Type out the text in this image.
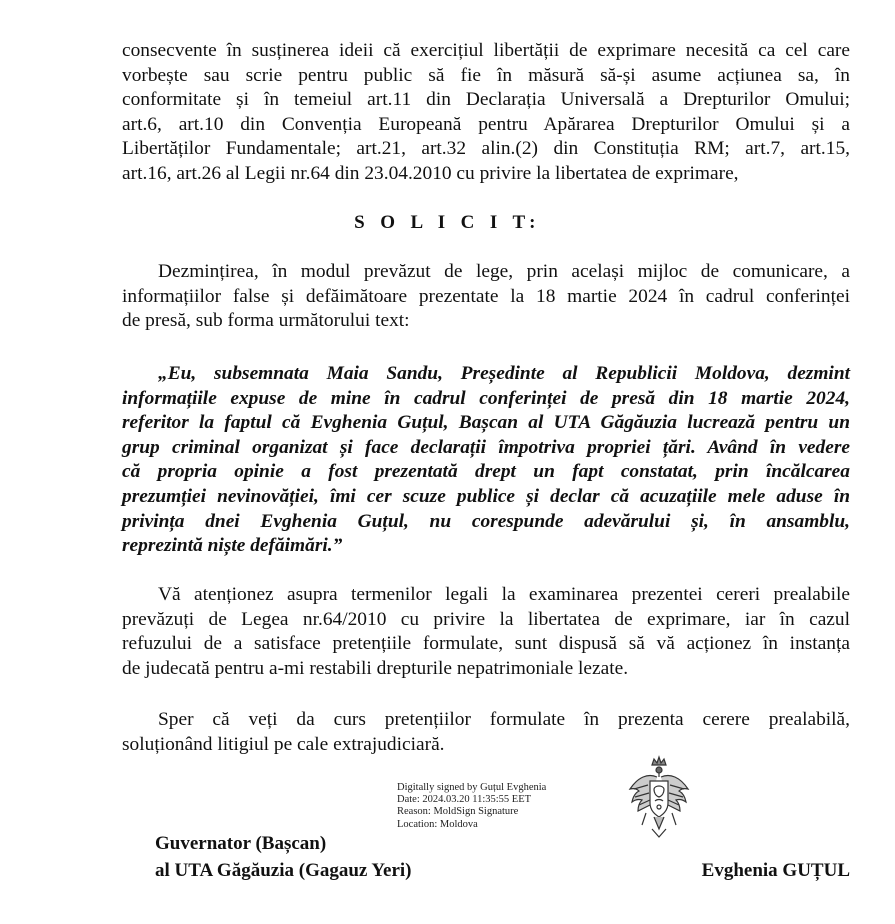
consecvente în susținerea ideii că exercițiul libertății de exprimare necesită ca cel care
vorbește sau scrie pentru public să fie în măsură să-și asume acțiunea sa, în
conformitate și în temeiul art.11 din Declarația Universală a Drepturilor Omului;
art.6, art.10 din Convenția Europeană pentru Apărarea Drepturilor Omului și a
Libertăților Fundamentale; art.21, art.32 alin.(2) din Constituția RM; art.7, art.15,
art.16, art.26 al Legii nr.64 din 23.04.2010 cu privire la libertatea de exprimare,

S O L I C I T:

Dezmințirea, în modul prevăzut de lege, prin același mijloc de comunicare, a
informațiilor false și defăimătoare prezentate la 18 martie 2024 în cadrul conferinței
de presă, sub forma următorului text:
„Eu, subsemnata Maia Sandu, Președinte al Republicii Moldova, dezmint
informațiile expuse de mine în cadrul conferinței de presă din 18 martie 2024,
referitor la faptul că Evghenia Guțul, Bașcan al UTA Găgăuzia lucrează pentru un
grup criminal organizat și face declarații împotriva propriei țări. Având în vedere
că propria opinie a fost prezentată drept un fapt constatat, prin încălcarea
prezumției nevinovăției, îmi cer scuze publice și declar că acuzațiile mele aduse în
privința dnei Evghenia Guțul, nu corespunde adevărului și, în ansamblu,
reprezintă niște defăimări.”
Vă atenționez asupra termenilor legali la examinarea prezentei cereri prealabile
prevăzuți de Legea nr.64/2010 cu privire la libertatea de exprimare, iar în cazul
refuzului de a satisface pretențiile formulate, sunt dispusă să vă acționez în instanța
de judecată pentru a-mi restabili drepturile nepatrimoniale lezate.
Sper că veți da curs pretențiilor formulate în prezenta cerere prealabilă,
soluționând litigiul pe cale extrajudiciară.
Digitally signed by Guțul Evghenia
Date: 2024.03.20 11:35:55 EET
Reason: MoldSign Signature
Location: Moldova
Guvernator (Bașcan)
al UTA Găgăuzia (Gagauz Yeri)	Evghenia GUȚUL
